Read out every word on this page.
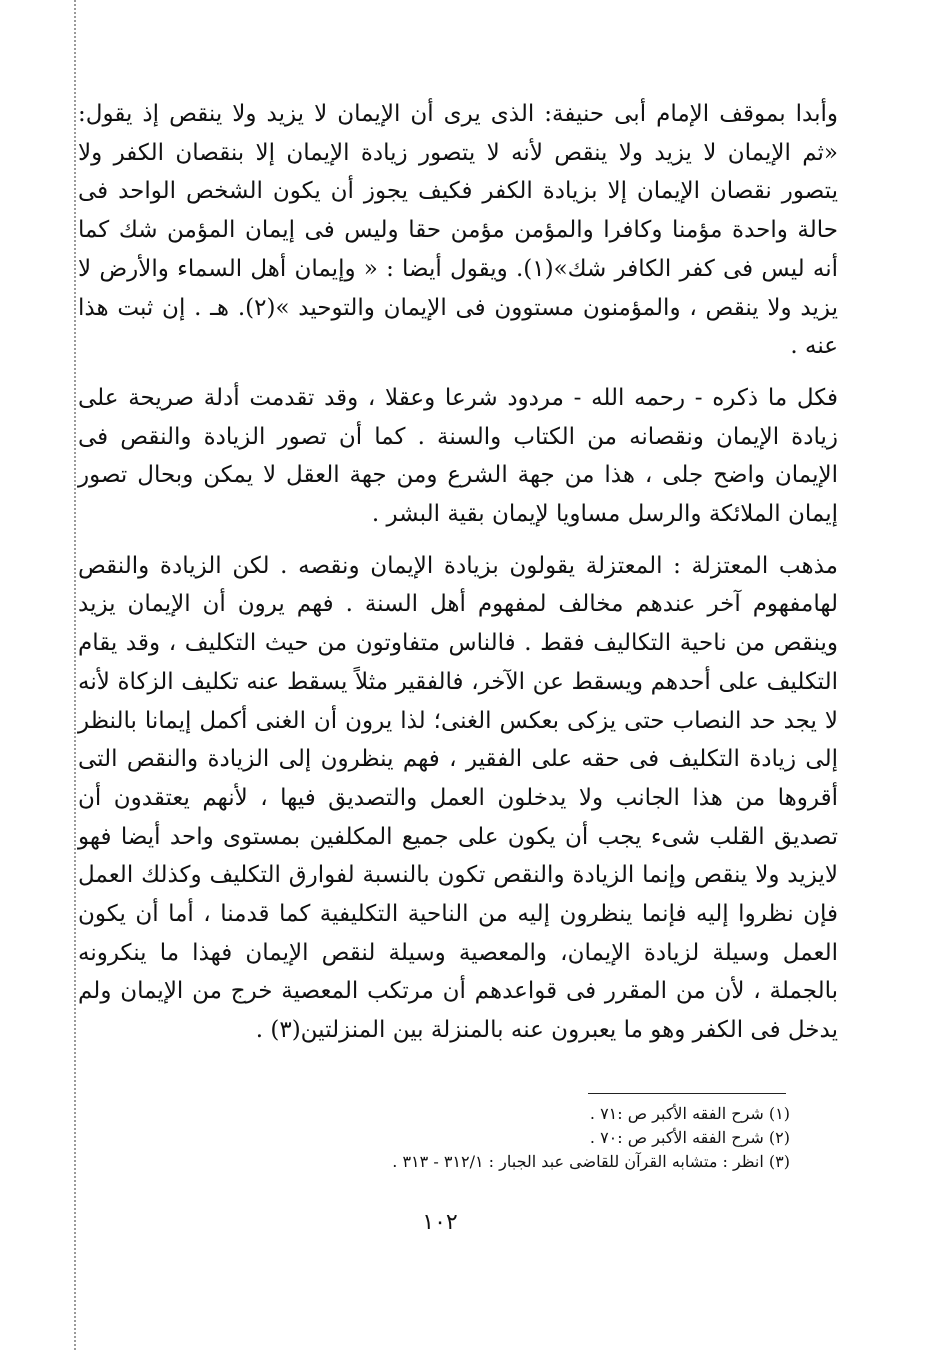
وأبدا بموقف الإمام أبى حنيفة: الذى يرى أن الإيمان لا يزيد ولا ينقص إذ يقول: «ثم الإيمان لا يزيد ولا ينقص لأنه لا يتصور زيادة الإيمان إلا بنقصان الكفر ولا يتصور نقصان الإيمان إلا بزيادة الكفر فكيف يجوز أن يكون الشخص الواحد فى حالة واحدة مؤمنا وكافرا والمؤمن مؤمن حقا وليس فى إيمان المؤمن شك كما أنه ليس فى كفر الكافر شك»(١). ويقول أيضا : « وإيمان أهل السماء والأرض لا يزيد ولا ينقص ، والمؤمنون مستوون فى الإيمان والتوحيد »(٢). هـ . إن ثبت هذا عنه .

فكل ما ذكره - رحمه الله - مردود شرعا وعقلا ، وقد تقدمت أدلة صريحة على زيادة الإيمان ونقصانه من الكتاب والسنة . كما أن تصور الزيادة والنقص فى الإيمان واضح جلى ، هذا من جهة الشرع ومن جهة العقل لا يمكن وبحال تصور إيمان الملائكة والرسل مساويا لإيمان بقية البشر .

مذهب المعتزلة : المعتزلة يقولون بزيادة الإيمان ونقصه . لكن الزيادة والنقص لهامفهوم آخر عندهم مخالف لمفهوم أهل السنة . فهم يرون أن الإيمان يزيد وينقص من ناحية التكاليف فقط . فالناس متفاوتون من حيث التكليف ، وقد يقام التكليف على أحدهم ويسقط عن الآخر، فالفقير مثلاً يسقط عنه تكليف الزكاة لأنه لا يجد حد النصاب حتى يزكى بعكس الغنى؛ لذا يرون أن الغنى أكمل إيمانا بالنظر إلى زيادة التكليف فى حقه على الفقير ، فهم ينظرون إلى الزيادة والنقص التى أقروها من هذا الجانب ولا يدخلون العمل والتصديق فيها ، لأنهم يعتقدون أن تصديق القلب شىء يجب أن يكون على جميع المكلفين بمستوى واحد أيضا فهو لايزيد ولا ينقص وإنما الزيادة والنقص تكون بالنسبة لفوارق التكليف وكذلك العمل فإن نظروا إليه فإنما ينظرون إليه من الناحية التكليفية كما قدمنا ، أما أن يكون العمل وسيلة لزيادة الإيمان، والمعصية وسيلة لنقص الإيمان فهذا ما ينكرونه بالجملة ، لأن من المقرر فى قواعدهم أن مرتكب المعصية خرج من الإيمان ولم يدخل فى الكفر وهو ما يعبرون عنه بالمنزلة بين المنزلتين(٣) .

(١) شرح الفقه الأكبر ص :٧١ .

(٢) شرح الفقه الأكبر ص :٧٠ .

(٣) انظر : متشابه القرآن للقاضى عبد الجبار : ٣١٢/١ - ٣١٣ .

١٠٢
